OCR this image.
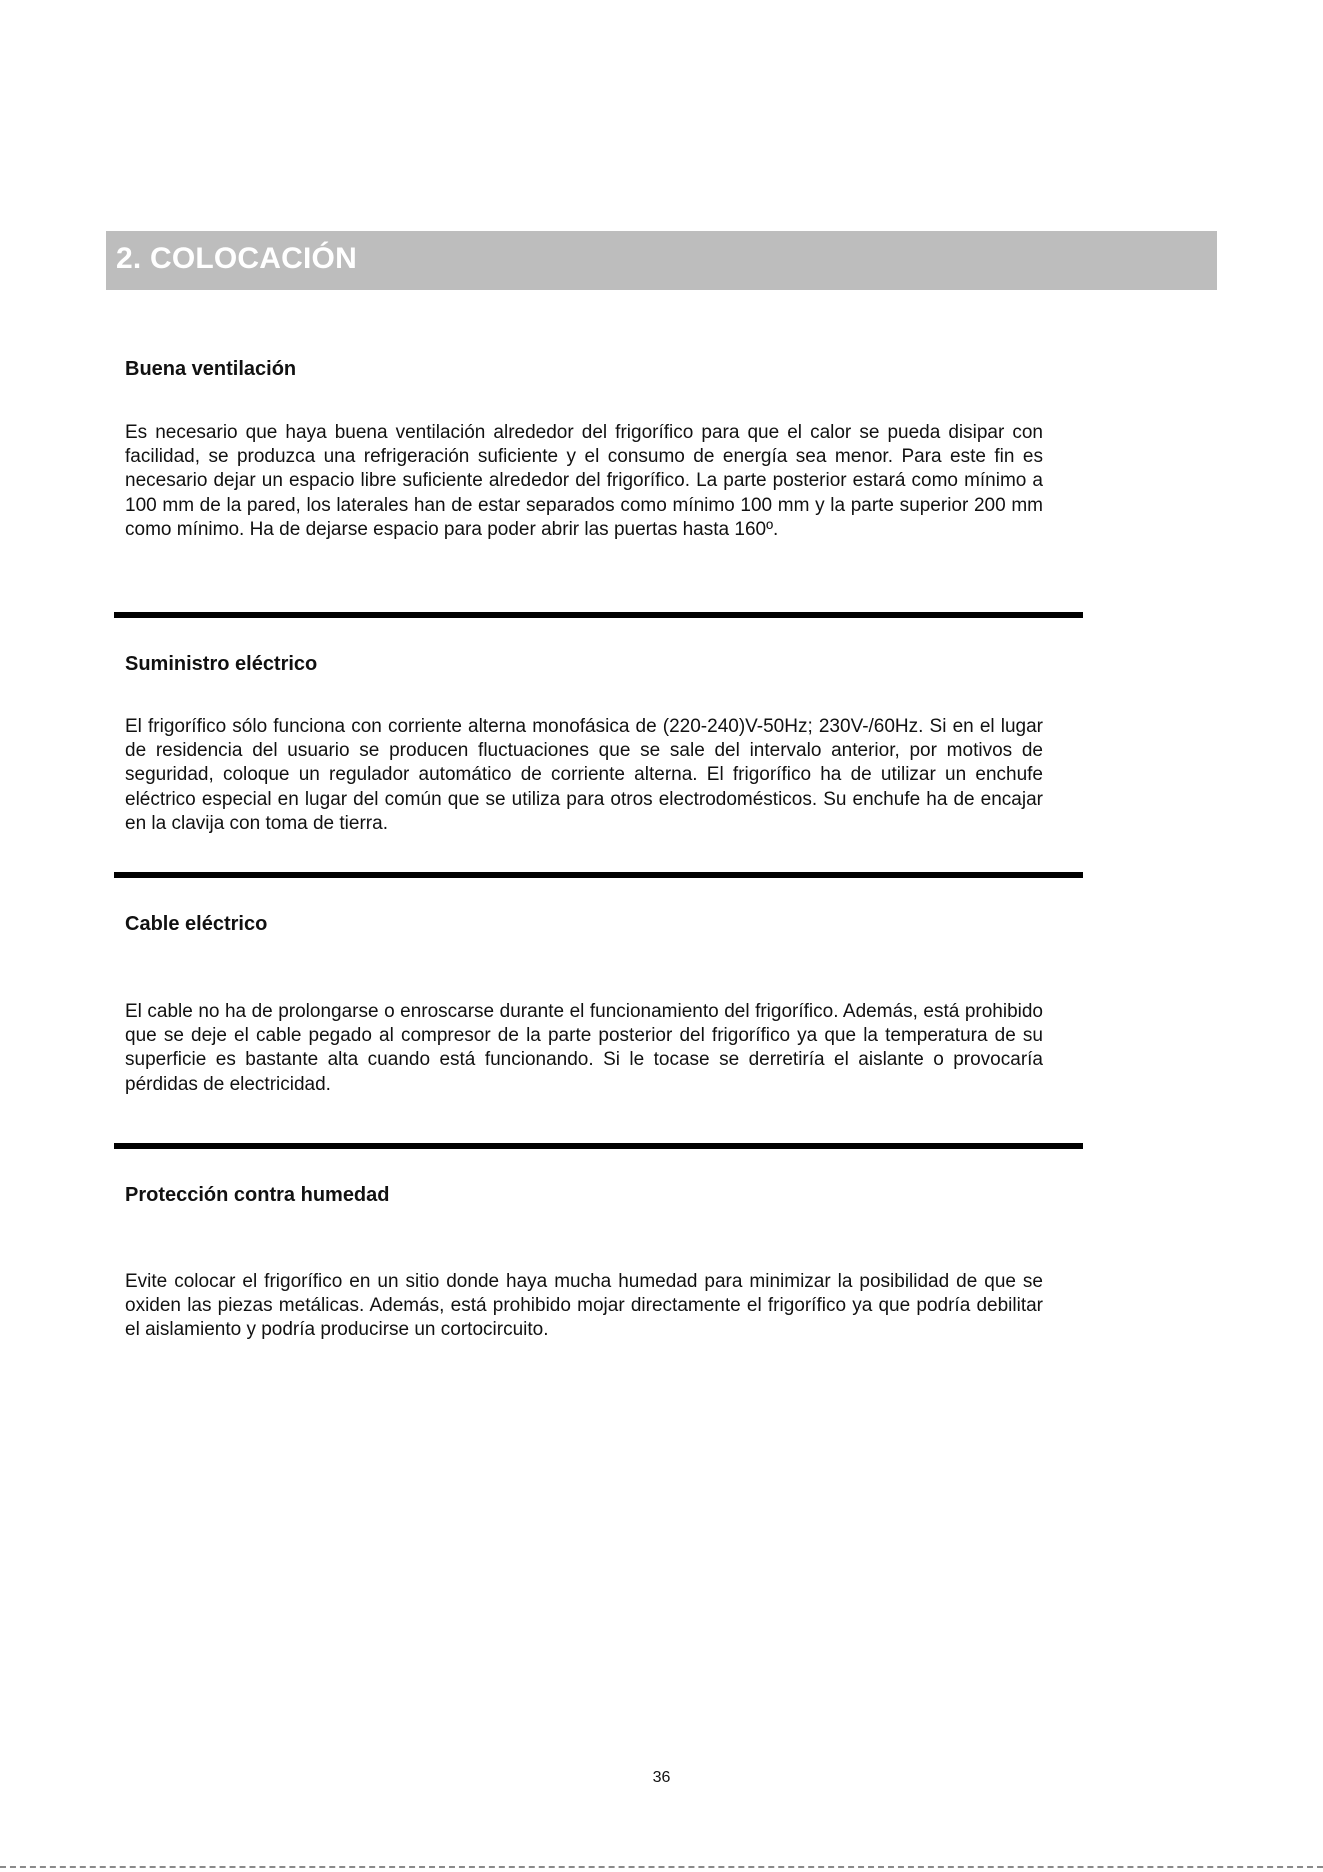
2. COLOCACIÓN
Buena ventilación
Es necesario que haya buena ventilación alrededor del frigorífico para que el calor se pueda disipar con facilidad, se produzca una refrigeración suficiente y el consumo de energía sea menor. Para este fin es necesario dejar un espacio libre suficiente alrededor del frigorífico. La parte posterior estará como mínimo a 100 mm de la pared, los laterales han de estar separados como mínimo 100 mm y la parte superior 200 mm como mínimo. Ha de dejarse espacio para poder abrir las puertas hasta 160º.
Suministro eléctrico
El frigorífico sólo funciona con corriente alterna monofásica de (220-240)V-50Hz; 230V-/60Hz. Si en el lugar de residencia del usuario se producen fluctuaciones que se sale del intervalo anterior, por motivos de seguridad, coloque un regulador automático de corriente alterna. El frigorífico ha de utilizar un enchufe eléctrico especial en lugar del común que se utiliza para otros electrodomésticos. Su enchufe ha de encajar en la clavija con toma de tierra.
Cable eléctrico
El cable no ha de prolongarse o enroscarse durante el funcionamiento del frigorífico. Además, está prohibido que se deje el cable pegado al compresor de la parte posterior del frigorífico ya que la temperatura de su superficie es bastante alta cuando está funcionando. Si le tocase se derretiría el aislante o provocaría pérdidas de electricidad.
Protección contra humedad
Evite colocar el frigorífico en un sitio donde haya mucha humedad para minimizar la posibilidad de que se oxiden las piezas metálicas. Además, está prohibido mojar directamente el frigorífico ya que podría debilitar el aislamiento y podría producirse un cortocircuito.
36
